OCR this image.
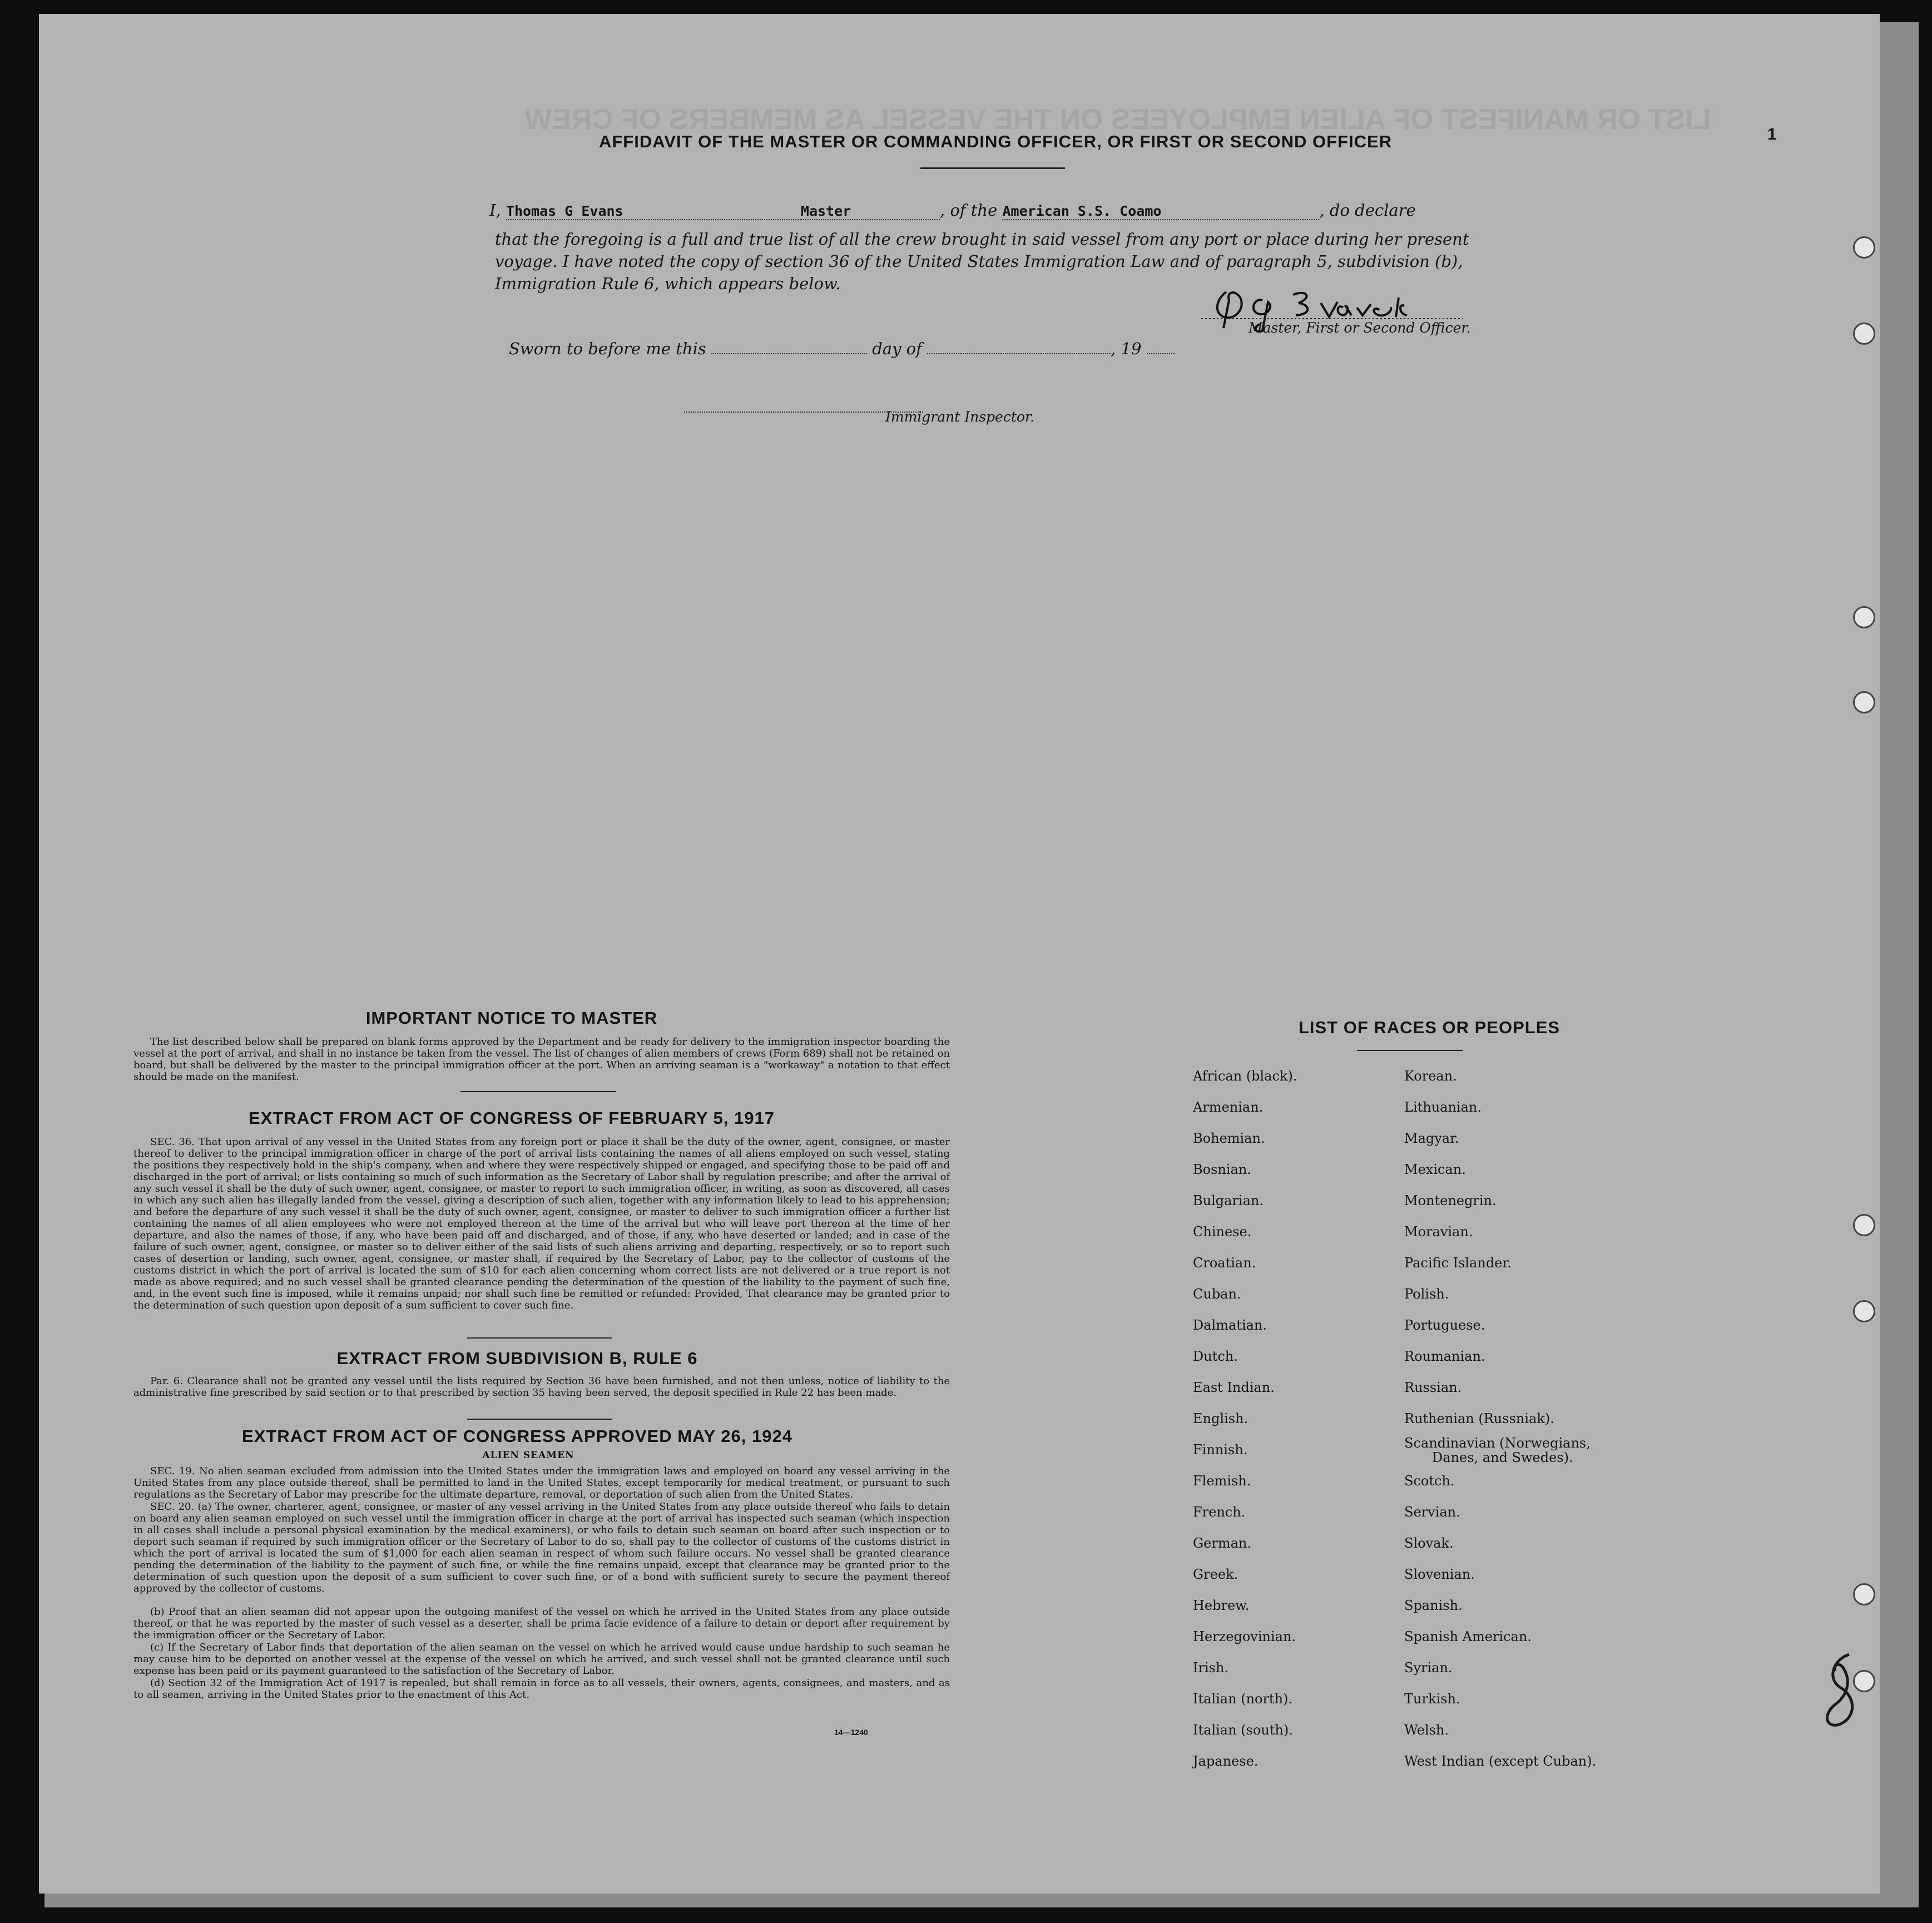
LIST OR MANIFEST OF ALIEN EMPLOYEES ON THE VESSEL AS MEMBERS OF CREW
AFFIDAVIT OF THE MASTER OR COMMANDING OFFICER, OR FIRST OR SECOND OFFICER	1
I, Thomas G Evans	Master	, of the American S.S. Coamo	, do declare
that the foregoing is a full and true list of all the crew brought in said vessel from any port or place during her present
voyage. I have noted the copy of section 36 of the United States Immigration Law and of paragraph 5, subdivision (b),
Immigration Rule 6, which appears below.
Master, First or Second Officer.
Sworn to before me this	day of	, 19
Immigrant Inspector.
IMPORTANT NOTICE TO MASTER
The list described below shall be prepared on blank forms approved by the Department and be ready for delivery to the immigration inspector boarding the vessel at the port of arrival, and shall in no instance be taken from the vessel. The list of changes of alien members of crews (Form 689) shall not be retained on board, but shall be delivered by the master to the principal immigration officer at the port. When an arriving seaman is a "workaway" a notation to that effect should be made on the manifest.
EXTRACT FROM ACT OF CONGRESS OF FEBRUARY 5, 1917
SEC. 36. That upon arrival of any vessel in the United States from any foreign port or place it shall be the duty of the owner, agent, consignee, or master thereof to deliver to the principal immigration officer in charge of the port of arrival lists containing the names of all aliens employed on such vessel, stating the positions they respectively hold in the ship's company, when and where they were respectively shipped or engaged, and specifying those to be paid off and discharged in the port of arrival; or lists containing so much of such information as the Secretary of Labor shall by regulation prescribe; and after the arrival of any such vessel it shall be the duty of such owner, agent, consignee, or master to report to such immigration officer, in writing, as soon as discovered, all cases in which any such alien has illegally landed from the vessel, giving a description of such alien, together with any information likely to lead to his apprehension; and before the departure of any such vessel it shall be the duty of such owner, agent, consignee, or master to deliver to such immigration officer a further list containing the names of all alien employees who were not employed thereon at the time of the arrival but who will leave port thereon at the time of her departure, and also the names of those, if any, who have been paid off and discharged, and of those, if any, who have deserted or landed; and in case of the failure of such owner, agent, consignee, or master so to deliver either of the said lists of such aliens arriving and departing, respectively, or so to report such cases of desertion or landing, such owner, agent, consignee, or master shall, if required by the Secretary of Labor, pay to the collector of customs of the customs district in which the port of arrival is located the sum of $10 for each alien concerning whom correct lists are not delivered or a true report is not made as above required; and no such vessel shall be granted clearance pending the determination of the question of the liability to the payment of such fine, and, in the event such fine is imposed, while it remains unpaid; nor shall such fine be remitted or refunded: Provided, That clearance may be granted prior to the determination of such question upon deposit of a sum sufficient to cover such fine.
EXTRACT FROM SUBDIVISION B, RULE 6
Par. 6. Clearance shall not be granted any vessel until the lists required by Section 36 have been furnished, and not then unless, notice of liability to the administrative fine prescribed by said section or to that prescribed by section 35 having been served, the deposit specified in Rule 22 has been made.
EXTRACT FROM ACT OF CONGRESS APPROVED MAY 26, 1924
ALIEN SEAMEN
SEC. 19. No alien seaman excluded from admission into the United States under the immigration laws and employed on board any vessel arriving in the United States from any place outside thereof, shall be permitted to land in the United States, except temporarily for medical treatment, or pursuant to such regulations as the Secretary of Labor may prescribe for the ultimate departure, removal, or deportation of such alien from the United States.
SEC. 20. (a) The owner, charterer, agent, consignee, or master of any vessel arriving in the United States from any place outside thereof who fails to detain on board any alien seaman employed on such vessel until the immigration officer in charge at the port of arrival has inspected such seaman (which inspection in all cases shall include a personal physical examination by the medical examiners), or who fails to detain such seaman on board after such inspection or to deport such seaman if required by such immigration officer or the Secretary of Labor to do so, shall pay to the collector of customs of the customs district in which the port of arrival is located the sum of $1,000 for each alien seaman in respect of whom such failure occurs. No vessel shall be granted clearance pending the determination of the liability to the payment of such fine, or while the fine remains unpaid, except that clearance may be granted prior to the determination of such question upon the deposit of a sum sufficient to cover such fine, or of a bond with sufficient surety to secure the payment thereof approved by the collector of customs.
(b) Proof that an alien seaman did not appear upon the outgoing manifest of the vessel on which he arrived in the United States from any place outside thereof, or that he was reported by the master of such vessel as a deserter, shall be prima facie evidence of a failure to detain or deport after requirement by the immigration officer or the Secretary of Labor.
(c) If the Secretary of Labor finds that deportation of the alien seaman on the vessel on which he arrived would cause undue hardship to such seaman he may cause him to be deported on another vessel at the expense of the vessel on which he arrived, and such vessel shall not be granted clearance until such expense has been paid or its payment guaranteed to the satisfaction of the Secretary of Labor.
(d) Section 32 of the Immigration Act of 1917 is repealed, but shall remain in force as to all vessels, their owners, agents, consignees, and masters, and as to all seamen, arriving in the United States prior to the enactment of this Act.
14—1240
LIST OF RACES OR PEOPLES
African (black).
Armenian.
Bohemian.
Bosnian.
Bulgarian.
Chinese.
Croatian.
Cuban.
Dalmatian.
Dutch.
East Indian.
English.
Finnish.
Flemish.
French.
German.
Greek.
Hebrew.
Herzegovinian.
Irish.
Italian (north).
Italian (south).
Japanese.
Korean.
Lithuanian.
Magyar.
Mexican.
Montenegrin.
Moravian.
Pacific Islander.
Polish.
Portuguese.
Roumanian.
Russian.
Ruthenian (Russniak).
Scandinavian (Norwegians,
Danes, and Swedes).
Scotch.
Servian.
Slovak.
Slovenian.
Spanish.
Spanish American.
Syrian.
Turkish.
Welsh.
West Indian (except Cuban).
